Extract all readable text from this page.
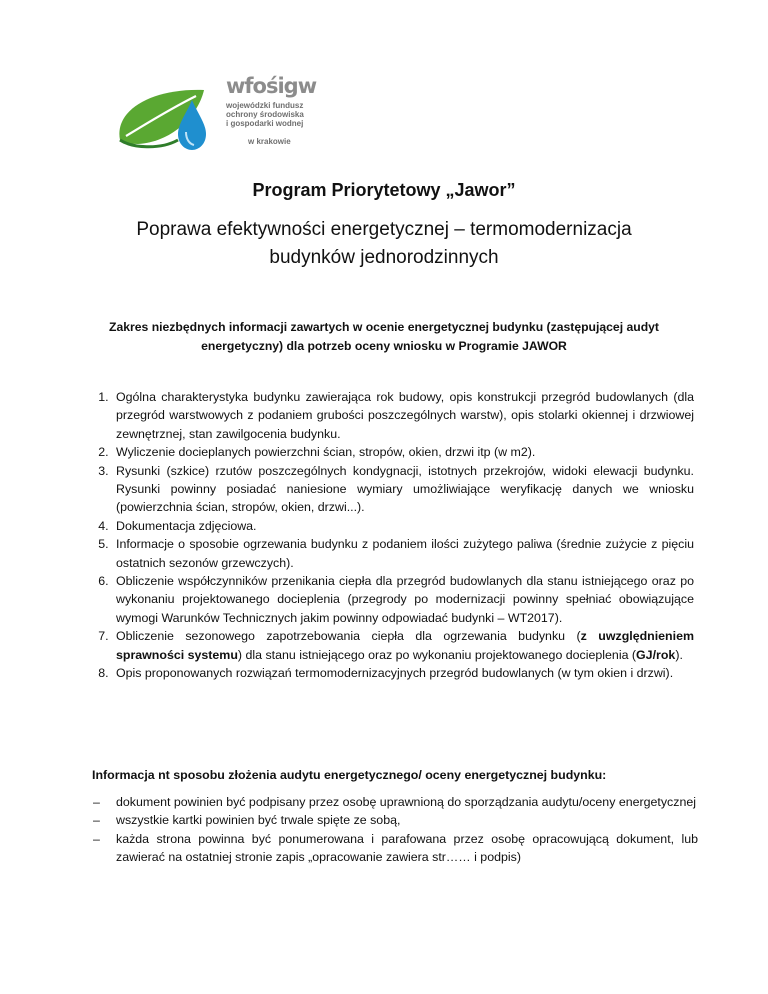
wfośigw
wojewódzki fundusz
ochrony środowiska
i gospodarki wodnej
w krakowie
Program Priorytetowy „Jawor”
Poprawa efektywności energetycznej – termomodernizacja
budynków jednorodzinnych
Zakres niezbędnych informacji zawartych w ocenie energetycznej budynku (zastępującej audyt energetyczny) dla potrzeb oceny wniosku w Programie JAWOR
1. Ogólna charakterystyka budynku zawierająca rok budowy, opis konstrukcji przegród budowlanych (dla przegród warstwowych z podaniem grubości poszczególnych warstw), opis stolarki okiennej i drzwiowej zewnętrznej, stan zawilgocenia budynku.
2. Wyliczenie docieplanych powierzchni ścian, stropów, okien, drzwi itp (w m2).
3. Rysunki (szkice) rzutów poszczególnych kondygnacji, istotnych przekrojów, widoki elewacji budynku. Rysunki powinny posiadać naniesione wymiary umożliwiające weryfikację danych we wniosku (powierzchnia ścian, stropów, okien, drzwi...).
4. Dokumentacja zdjęciowa.
5. Informacje o sposobie ogrzewania budynku z podaniem ilości zużytego paliwa (średnie zużycie z pięciu ostatnich sezonów grzewczych).
6. Obliczenie współczynników przenikania ciepła dla przegród budowlanych dla stanu istniejącego oraz po wykonaniu projektowanego docieplenia (przegrody po modernizacji powinny spełniać obowiązujące wymogi Warunków Technicznych jakim powinny odpowiadać budynki – WT2017).
7. Obliczenie sezonowego zapotrzebowania ciepła dla ogrzewania budynku (z uwzględnieniem sprawności systemu) dla stanu istniejącego oraz po wykonaniu projektowanego docieplenia (GJ/rok).
8. Opis proponowanych rozwiązań termomodernizacyjnych przegród budowlanych (w tym okien i drzwi).
Informacja nt sposobu złożenia audytu energetycznego/ oceny energetycznej budynku:
– dokument powinien być podpisany przez osobę uprawnioną do sporządzania audytu/oceny energetycznej
– wszystkie kartki powinien być trwale spięte ze sobą,
– każda strona powinna być ponumerowana i parafowana przez osobę opracowującą dokument, lub zawierać na ostatniej stronie zapis „opracowanie zawiera str…… i podpis)
